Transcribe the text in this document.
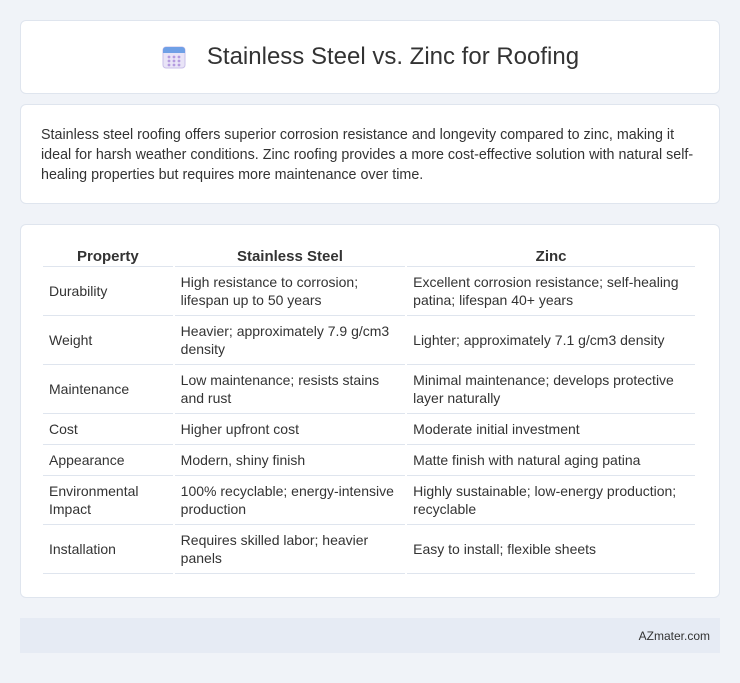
Stainless Steel vs. Zinc for Roofing

Stainless steel roofing offers superior corrosion resistance and longevity compared to zinc, making it ideal for harsh weather conditions. Zinc roofing provides a more cost-effective solution with natural self-healing properties but requires more maintenance over time.

Property	Stainless Steel	Zinc
Durability	High resistance to corrosion; lifespan up to 50 years	Excellent corrosion resistance; self-healing patina; lifespan 40+ years
Weight	Heavier; approximately 7.9 g/cm3 density	Lighter; approximately 7.1 g/cm3 density
Maintenance	Low maintenance; resists stains and rust	Minimal maintenance; develops protective layer naturally
Cost	Higher upfront cost	Moderate initial investment
Appearance	Modern, shiny finish	Matte finish with natural aging patina
Environmental Impact	100% recyclable; energy-intensive production	Highly sustainable; low-energy production; recyclable
Installation	Requires skilled labor; heavier panels	Easy to install; flexible sheets
AZmater.com
